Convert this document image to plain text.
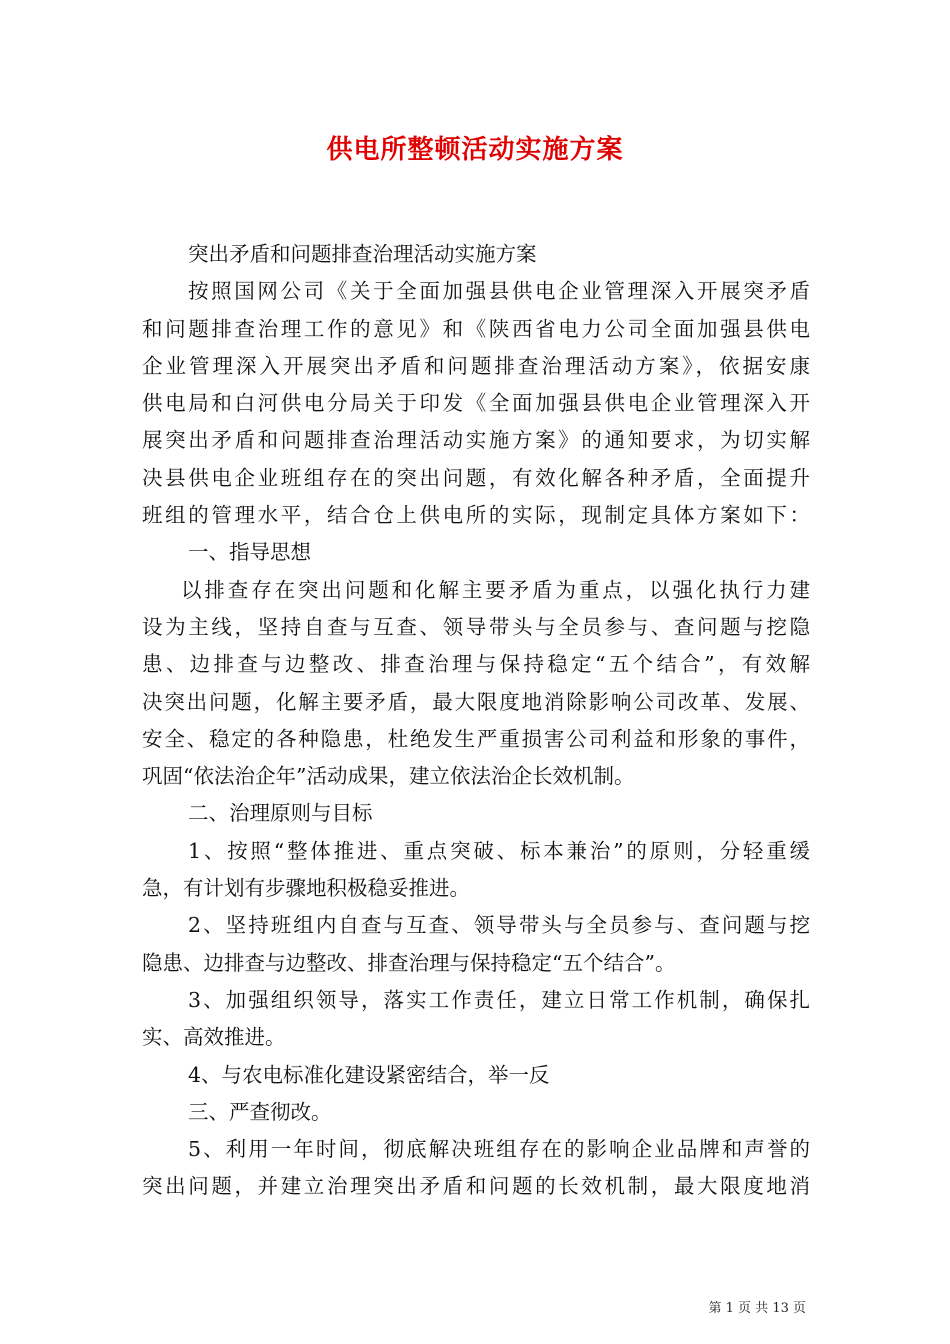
供电所整顿活动实施方案
突出矛盾和问题排查治理活动实施方案
按照国网公司《关于全面加强县供电企业管理深入开展突矛盾
和问题排查治理工作的意见》和《陕西省电力公司全面加强县供电
企业管理深入开展突出矛盾和问题排查治理活动方案》，依据安康
供电局和白河供电分局关于印发《全面加强县供电企业管理深入开
展突出矛盾和问题排查治理活动实施方案》的通知要求，为切实解
决县供电企业班组存在的突出问题，有效化解各种矛盾，全面提升
班组的管理水平，结合仓上供电所的实际，现制定具体方案如下：
一、指导思想
以排查存在突出问题和化解主要矛盾为重点，以强化执行力建
设为主线，坚持自查与互查、领导带头与全员参与、查问题与挖隐
患、边排查与边整改、排查治理与保持稳定“五个结合”，有效解
决突出问题，化解主要矛盾，最大限度地消除影响公司改革、发展、
安全、稳定的各种隐患，杜绝发生严重损害公司利益和形象的事件，
巩固“依法治企年”活动成果，建立依法治企长效机制。
二、治理原则与目标
1、按照“整体推进、重点突破、标本兼治”的原则，分轻重缓
急，有计划有步骤地积极稳妥推进。
2、坚持班组内自查与互查、领导带头与全员参与、查问题与挖
隐患、边排查与边整改、排查治理与保持稳定“五个结合”。
3、加强组织领导，落实工作责任，建立日常工作机制，确保扎
实、高效推进。
4、与农电标准化建设紧密结合，举一反
三、严查彻改。
5、利用一年时间，彻底解决班组存在的影响企业品牌和声誉的
突出问题，并建立治理突出矛盾和问题的长效机制，最大限度地消
第 1 页 共 13 页
